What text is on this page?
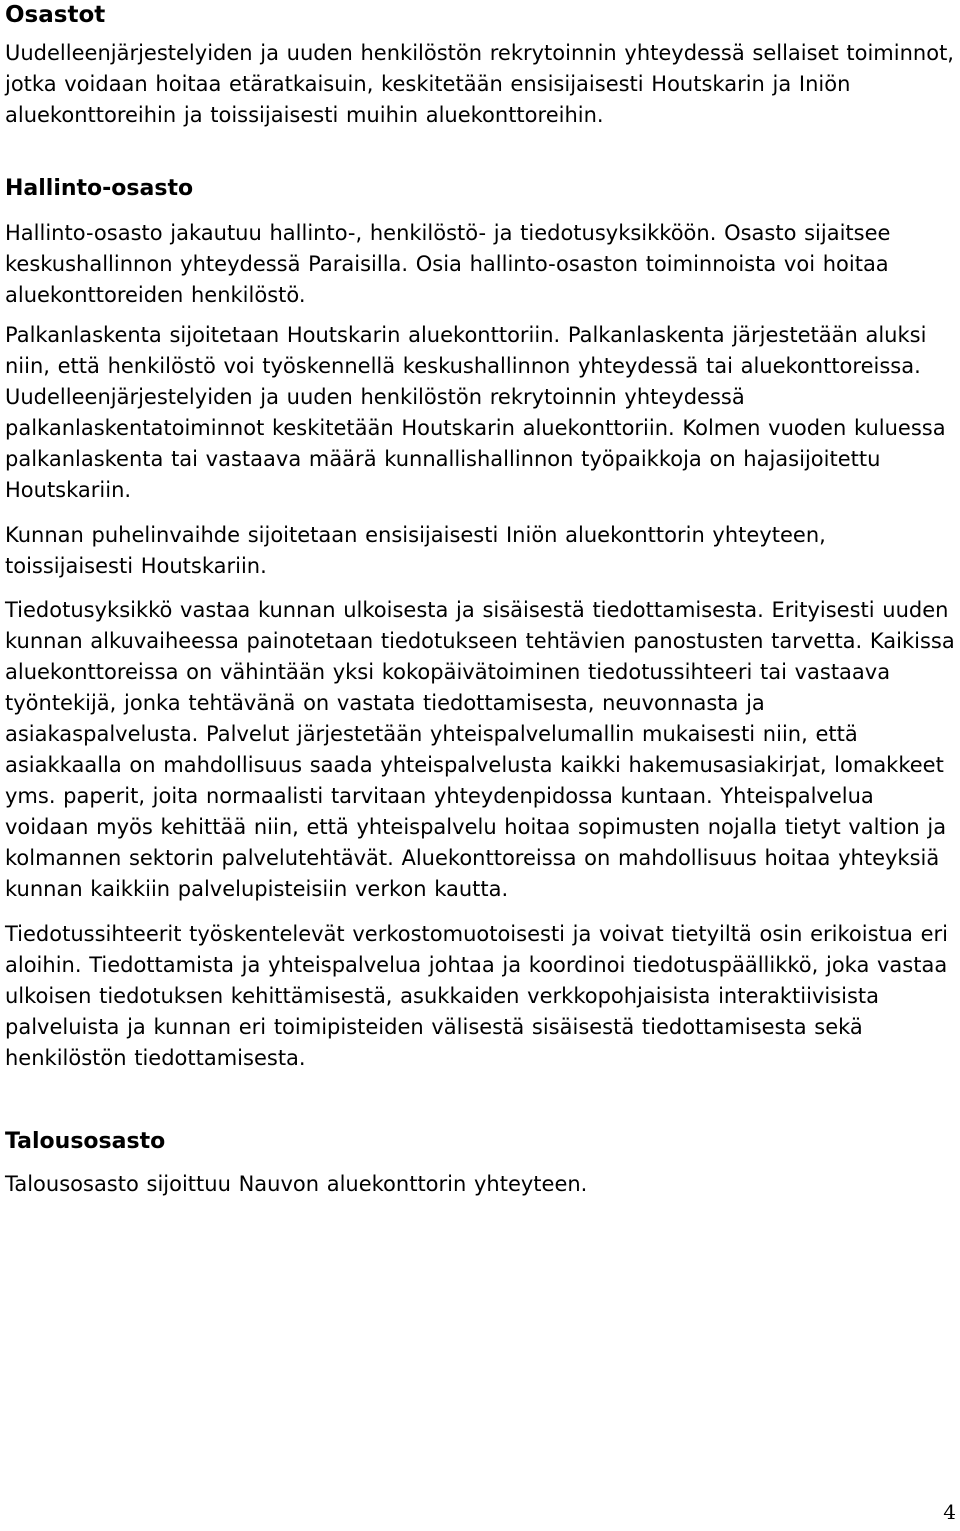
Osastot

Uudelleenjärjestelyiden ja uuden henkilöstön rekrytoinnin yhteydessä sellaiset toiminnot, jotka voidaan hoitaa etäratkaisuin, keskitetään ensisijaisesti Houtskarin ja Iniön aluekonttoreihin ja toissijaisesti muihin aluekonttoreihin.

Hallinto-osasto

Hallinto-osasto jakautuu hallinto-, henkilöstö- ja tiedotusyksikköön. Osasto sijaitsee keskushallinnon yhteydessä Paraisilla. Osia hallinto-osaston toiminnoista voi hoitaa aluekonttoreiden henkilöstö.

Palkanlaskenta sijoitetaan Houtskarin aluekonttoriin. Palkanlaskenta järjestetään aluksi niin, että henkilöstö voi työskennellä keskushallinnon yhteydessä tai aluekonttoreissa. Uudelleenjärjestelyiden ja uuden henkilöstön rekrytoinnin yhteydessä palkanlaskentatoiminnot keskitetään Houtskarin aluekonttoriin. Kolmen vuoden kuluessa palkanlaskenta tai vastaava määrä kunnallishallinnon työpaikkoja on hajasijoitettu Houtskariin.

Kunnan puhelinvaihde sijoitetaan ensisijaisesti Iniön aluekonttorin yhteyteen, toissijaisesti Houtskariin.

Tiedotusyksikkö vastaa kunnan ulkoisesta ja sisäisestä tiedottamisesta. Erityisesti uuden kunnan alkuvaiheessa painotetaan tiedotukseen tehtävien panostusten tarvetta. Kaikissa aluekonttoreissa on vähintään yksi kokopäivätoiminen tiedotussihteeri tai vastaava työntekijä, jonka tehtävänä on vastata tiedottamisesta, neuvonnasta ja asiakaspalvelusta. Palvelut järjestetään yhteispalvelumallin mukaisesti niin, että asiakkaalla on mahdollisuus saada yhteispalvelusta kaikki hakemusasiakirjat, lomakkeet yms. paperit, joita normaalisti tarvitaan yhteydenpidossa kuntaan. Yhteispalvelua voidaan myös kehittää niin, että yhteispalvelu hoitaa sopimusten nojalla tietyt valtion ja kolmannen sektorin palvelutehtävät. Aluekonttoreissa on mahdollisuus hoitaa yhteyksiä kunnan kaikkiin palvelupisteisiin verkon kautta.

Tiedotussihteerit työskentelevät verkostomuotoisesti ja voivat tietyiltä osin erikoistua eri aloihin. Tiedottamista ja yhteispalvelua johtaa ja koordinoi tiedotuspäällikkö, joka vastaa ulkoisen tiedotuksen kehittämisestä, asukkaiden verkkopohjaisista interaktiivisista palveluista ja kunnan eri toimipisteiden välisestä sisäisestä tiedottamisesta sekä henkilöstön tiedottamisesta.

Talousosasto

Talousosasto sijoittuu Nauvon aluekonttorin yhteyteen.

4
